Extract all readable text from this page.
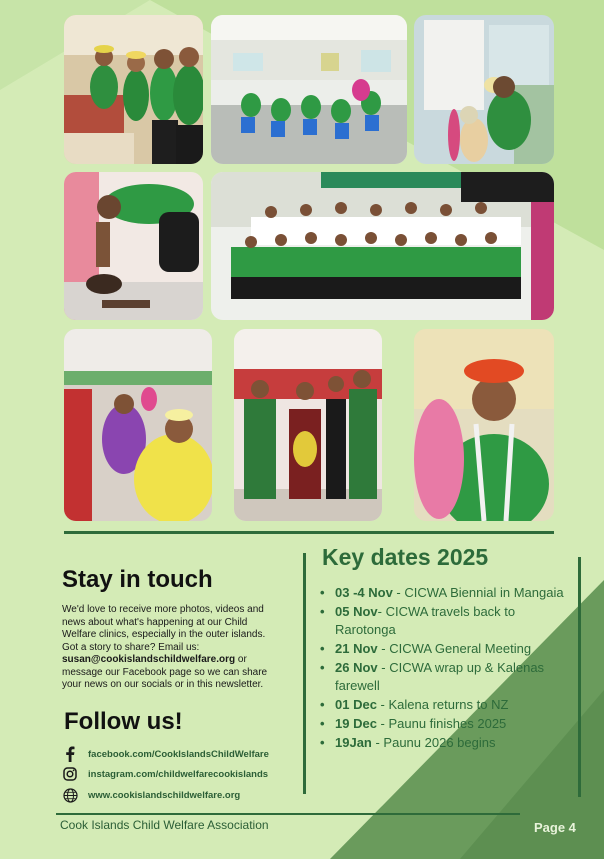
Stay in touch

We'd love to receive more photos, videos and news about what's happening at our Child Welfare clinics, especially in the outer islands. Got a story to share? Email us: susan@cookislandschildwelfare.org or message our Facebook page so we can share your news on our socials or in this newsletter.

Follow us!
facebook.com/CookIslandsChildWelfare
instagram.com/childwelfarecookislands
www.cookislandschildwelfare.org
Key dates 2025
• 03 -4 Nov - CICWA Biennial in Mangaia
• 05 Nov- CICWA travels back to Rarotonga
• 21 Nov - CICWA General Meeting
• 26 Nov - CICWA wrap up & Kalenas farewell
• 01 Dec - Kalena returns to NZ
• 19 Dec - Paunu finishes 2025
• 19Jan - Paunu 2026 begins
Cook Islands Child Welfare Association	Page 4
